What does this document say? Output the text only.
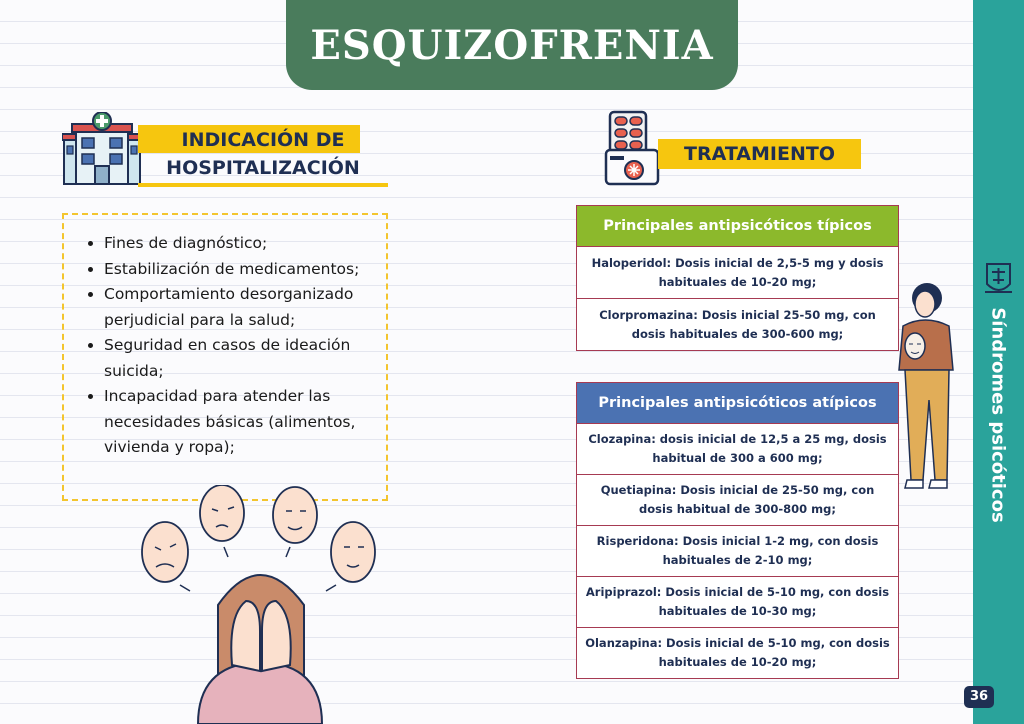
ESQUIZOFRENIA
INDICACIÓN DE
HOSPITALIZACIÓN
• Fines de diagnóstico;
• Estabilización de medicamentos;
• Comportamiento desorganizado perjudicial para la salud;
• Seguridad en casos de ideación suicida;
• Incapacidad para atender las necesidades básicas (alimentos, vivienda y ropa);
TRATAMIENTO
Principales antipsicóticos típicos
Haloperidol: Dosis inicial de 2,5-5 mg y dosis habituales de 10-20 mg;
Clorpromazina: Dosis inicial 25-50 mg, con dosis habituales de 300-600 mg;
Principales antipsicóticos atípicos
Clozapina: dosis inicial de 12,5 a 25 mg, dosis habitual de 300 a 600 mg;
Quetiapina: Dosis inicial de 25-50 mg, con dosis habitual de 300-800 mg;
Risperidona: Dosis inicial 1-2 mg, con dosis habituales de 2-10 mg;
Aripiprazol: Dosis inicial de 5-10 mg, con dosis habituales de 10-30 mg;
Olanzapina: Dosis inicial de 5-10 mg, con dosis habituales de 10-20 mg;
Síndromes psicóticos
36
